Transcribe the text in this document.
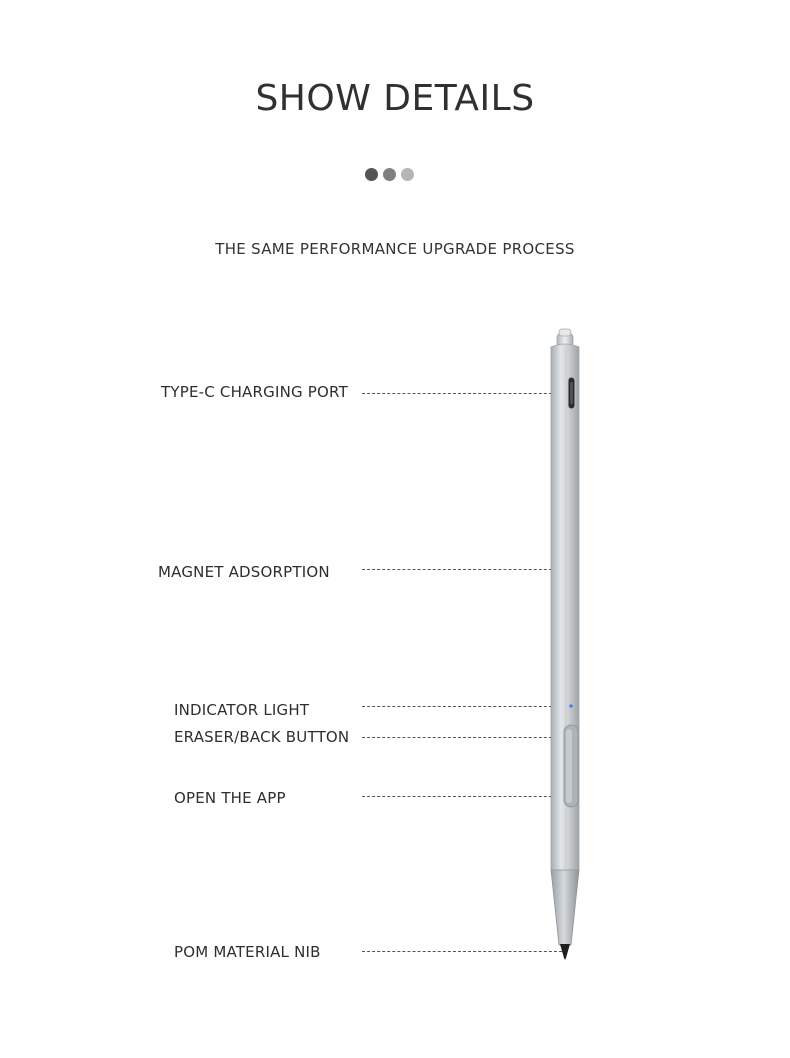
SHOW DETAILS
THE SAME PERFORMANCE UPGRADE PROCESS
TYPE-C CHARGING PORT
MAGNET ADSORPTION
INDICATOR LIGHT
ERASER/BACK BUTTON
OPEN THE APP
POM MATERIAL NIB
